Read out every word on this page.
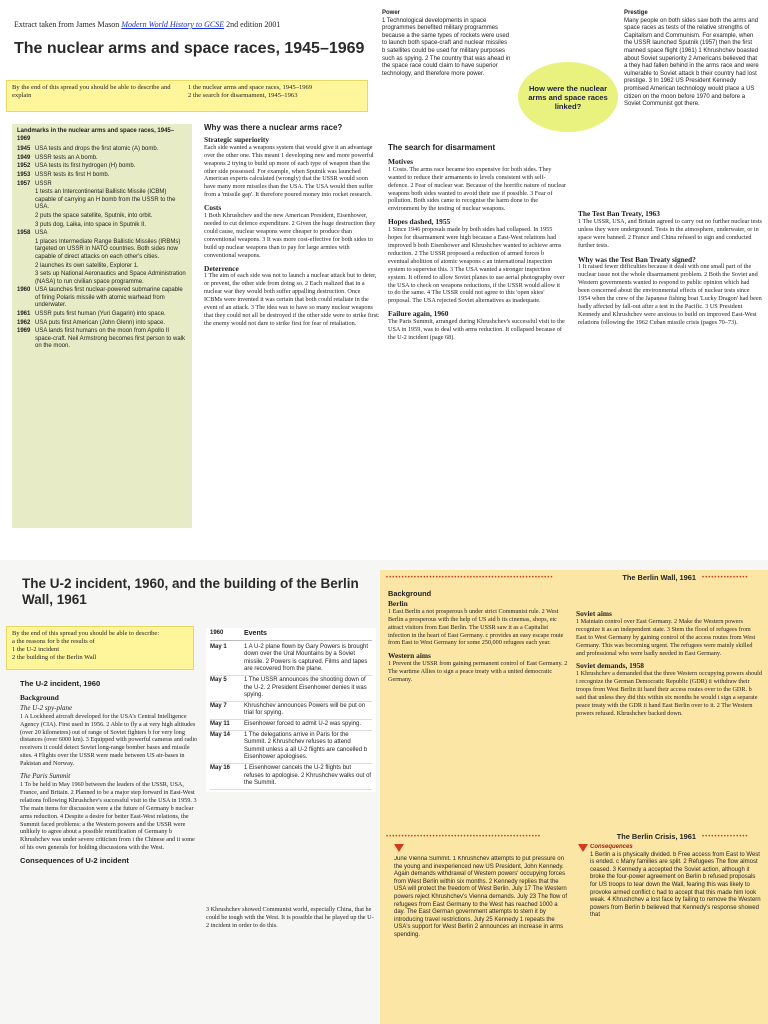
Extract taken from James Mason Modern World History to GCSE 2nd edition 2001
The nuclear arms and space races, 1945–1969
By the end of this spread you should be able to describe and explain
1 the nuclear arms and space races, 1945–1969
2 the search for disarmament, 1945–1963
Landmarks in the nuclear arms and space races, 1945–1969
1945 USA tests and drops the first atomic (A) bomb.
1949 USSR tests an A bomb.
1952 USA tests its first hydrogen (H) bomb.
1953 USSR tests its first H bomb.
1957 USSR
1 tests an Intercontinental Ballistic Missile (ICBM) capable of carrying an H bomb from the USSR to the USA.
2 puts the space satellite, Sputnik, into orbit.
3 puts dog, Laika, into space in Sputnik II.
1958 USA
1 places Intermediate Range Ballistic Missiles (IRBMs) targeted on USSR in NATO countries. Both sides now capable of direct attacks on each other's cities.
2 launches its own satellite, Explorer 1.
3 sets up National Aeronautics and Space Administration (NASA) to run civilian space programme.
1960 USA launches first nuclear-powered submarine capable of firing Polaris missile with atomic warhead from underwater.
1961 USSR puts first human (Yuri Gagarin) into space.
1962 USA puts first American (John Glenn) into space.
1969 USA lands first humans on the moon from Apollo II space-craft. Neil Armstrong becomes first person to walk on the moon.
Why was there a nuclear arms race?
Strategic superiority

Each side wanted a weapons system that would give it an advantage over the other one. This meant 1 developing new and more powerful weapons 2 trying to build up more of each type of weapon than the other side possessed. For example, when Sputnik was launched American experts calculated (wrongly) that the USSR would soon have many more missiles than the USA. The USA would then suffer from a 'missile gap'. It therefore poured money into rocket research.

Costs

1 Both Khrushchev and the new American President, Eisenhower, needed to cut defence expenditure. 2 Given the huge destruction they could cause, nuclear weapons were cheaper to produce than conventional weapons. 3 It was more cost-effective for both sides to build up nuclear weapons than to pay for large armies with conventional weapons.

Deterrence

1 The aim of each side was not to launch a nuclear attack but to deter, or prevent, the other side from doing so. 2 Each realized that in a nuclear war they would both suffer appalling destruction. Once ICBMs were invented it was certain that both could retaliate in the event of an attack. 3 The idea was to have so many nuclear weapons that they could not all be destroyed if the other side were to strike first: the enemy would not dare to strike first for fear of retaliation.

The search for disarmament
Motives

1 Costs. The arms race became too expensive for both sides. They wanted to reduce their armaments to levels consistent with self-defence. 2 Fear of nuclear war. Because of the horrific nature of nuclear weapons both sides wanted to avoid their use if possible. 3 Fear of pollution. Both sides came to recognise the harm done to the environment by the testing of nuclear weapons.

Hopes dashed, 1955

1 Since 1946 proposals made by both sides had collapsed. In 1955 hopes for disarmament were high because a East-West relations had improved b both Eisenhower and Khrushchev wanted to achieve arms reduction. 2 The USSR proposed a reduction of armed forces b eventual abolition of atomic weapons c an international inspection system to supervise this. 3 The USA wanted a stronger inspection system. It offered to allow Soviet planes to use aerial photography over the USA to check on weapons reductions, if the USSR would allow it to do the same. 4 The USSR could not agree to this 'open skies' proposal. The USA rejected Soviet alternatives as inadequate.

Failure again, 1960

The Paris Summit, arranged during Khrushchev's successful visit to the USA in 1959, was to deal with arms reduction. It collapsed because of the U-2 incident (page 68).

Power

1 Technological developments in space programmes benefited military programmes because a the same types of rockets were used to launch both space-craft and nuclear missiles b satellites could be used for military purposes such as spying. 2 The country that was ahead in the space race could claim to have superior technology, and therefore more power.

How were the nuclear arms and space races linked?
Prestige

Many people on both sides saw both the arms and space races as tests of the relative strengths of Capitalism and Communism. For example, when the USSR launched Sputnik (1957) then the first manned space flight (1961) 1 Khrushchev boasted about Soviet superiority 2 Americans believed that a they had fallen behind in the arms race and were vulnerable to Soviet attack b their country had lost prestige. 3 In 1962 US President Kennedy promised American technology would place a US citizen on the moon before 1970 and before a Soviet Communist got there.

The Test Ban Treaty, 1963

1 The USSR, USA, and Britain agreed to carry out no further nuclear tests unless they were underground. Tests in the atmosphere, underwater, or in space were banned. 2 France and China refused to sign and conducted further tests.

Why was the Test Ban Treaty signed?

1 It raised fewer difficulties because it dealt with one small part of the nuclear issue not the whole disarmament problem. 2 Both the Soviet and Western governments wanted to respond to public opinion which had been concerned about the environmental effects of nuclear tests since 1954 when the crew of the Japanese fishing boat 'Lucky Dragon' had been badly affected by fall-out after a test in the Pacific. 3 US President Kennedy and Khrushchev were anxious to build on improved East-West relations following the 1962 Cuban missile crisis (pages 70–73).

The U-2 incident, 1960, and the building of the Berlin Wall, 1961
By the end of this spread you should be able to describe:
a the reasons for b the results of
1 the U-2 incident
2 the building of the Berlin Wall
The U-2 incident, 1960
Background
The U-2 spy-plane

1 A Lockheed aircraft developed for the USA's Central Intelligence Agency (CIA). First used in 1956. 2 Able to fly a at very high altitudes (over 20 kilometres) out of range of Soviet fighters b for very long distances (over 6000 km). 3 Equipped with powerful cameras and radio receivers it could detect Soviet long-range bomber bases and missile sites. 4 Flights over the USSR were made between US air-bases in Pakistan and Norway.

The Paris Summit

1 To be held in May 1960 between the leaders of the USSR, USA, France, and Britain. 2 Planned to be a major step forward in East-West relations following Khrushchev's successful visit to the USA in 1959. 3 The main items for discussion were a the future of Germany b nuclear arms reduction. 4 Despite a desire for better East-West relations, the Summit faced problems: a the Western powers and the USSR were unlikely to agree about a possible reunification of Germany b Khrushchev was under severe criticism from i the Chinese and ii some of his own generals for holding discussions with the West.

Consequences of U-2 incident
1960	Events
May 1	1 A U-2 plane flown by Gary Powers is brought down over the Ural Mountains by a Soviet missile. 2 Powers is captured. Films and tapes are recovered from the plane.
May 5	1 The USSR announces the shooting down of the U-2. 2 President Eisenhower denies it was spying.
May 7	Khrushchev announces Powers will be put on trial for spying.
May 11	Eisenhower forced to admit U-2 was spying.
May 14	1 The delegations arrive in Paris for the Summit. 2 Khrushchev refuses to attend Summit unless a all U-2 flights are cancelled b Eisenhower apologises.
May 16	1 Eisenhower cancels the U-2 flights but refuses to apologise. 2 Khrushchev walks out of the Summit.
3 Khrushchev showed Communist world, especially China, that he could be tough with the West. It is possible that he played up the U-2 incident in order to do this.
••••••••••••••••••••••••••••••••••••••••••••••••••••••	The Berlin Wall, 1961	•••••••••••••••
Background
Berlin

1 East Berlin a not prosperous b under strict Communist rule. 2 West Berlin a prosperous with the help of US aid b its cinemas, shops, etc attract visitors from East Berlin. The USSR saw it as a Capitalist infection in the heart of East Germany. c provides an easy escape route from East to West Germany for some 250,000 refugees each year.

Western aims

1 Prevent the USSR from gaining permanent control of East Germany. 2 The wartime Allies to sign a peace treaty with a united democratic Germany.

Soviet aims

1 Maintain control over East Germany. 2 Make the Western powers recognize it as an independent state. 3 Stem the flood of refugees from East to West Germany by gaining control of the access routes from West Germany. This was becoming urgent. The refugees were mainly skilled and professional who were badly needed in East Germany.

Soviet demands, 1958

1 Khrushchev a demanded that the three Western occupying powers should i recognize the German Democratic Republic (GDR) ii withdraw their troops from West Berlin iii hand their access routes over to the GDR. b said that unless they did this within six months he would i sign a separate peace treaty with the GDR ii hand East Berlin over to it. 2 The Western powers refused. Khrushchev backed down.

••••••••••••••••••••••••••••••••••••••••••••••••••	The Berlin Crisis, 1961	•••••••••••••••
June Vienna Summit. 1 Khrushchev attempts to put pressure on the young and inexperienced new US President, John Kennedy. Again demands withdrawal of Western powers' occupying forces from West Berlin within six months. 2 Kennedy replies that the USA will protect the freedom of West Berlin. July 17 The Western powers reject Khrushchev's Vienna demands. July 23 The flow of refugees from East Germany to the West has reached 1000 a day. The East German government attempts to stem it by introducing travel restrictions. July 25 Kennedy 1 repeats the USA's support for West Berlin 2 announces an increase in arms spending.
Consequences

1 Berlin a is physically divided. b Free access from East to West is ended. c Many families are split. 2 Refugees The flow almost ceased. 3 Kennedy a accepted the Soviet action, although it broke the four-power agreement on Berlin b refused proposals for US troops to tear down the Wall, fearing this was likely to provoke armed conflict c had to accept that this made him look weak. 4 Khrushchev a lost face by failing to remove the Western powers from Berlin b believed that Kennedy's response showed that
